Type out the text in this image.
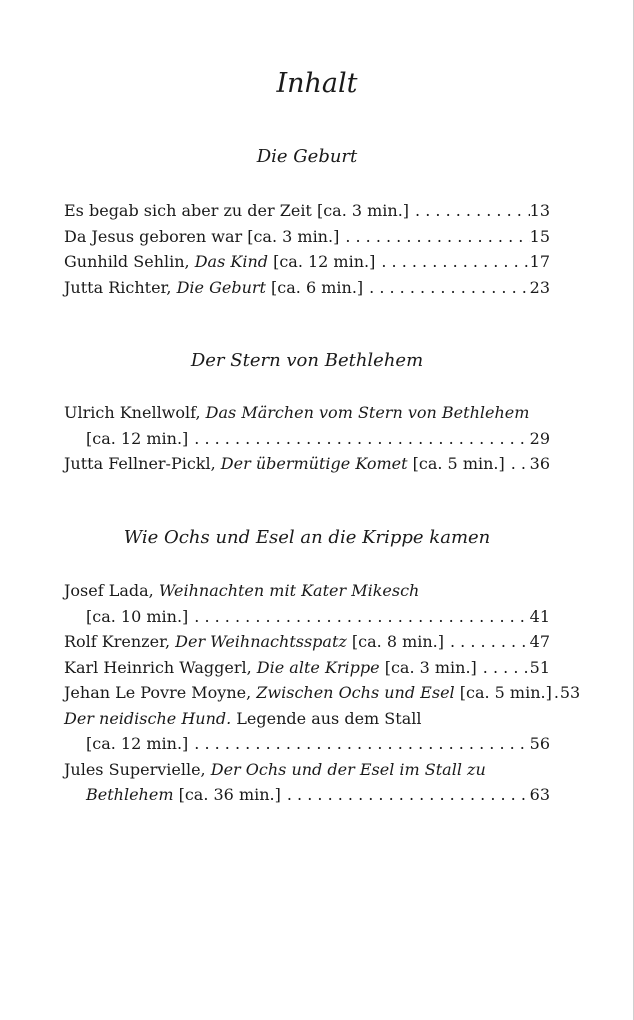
Inhalt
Die Geburt
Es begab sich aber zu der Zeit [ca. 3 min.] . . .	13
Da Jesus geboren war [ca. 3 min.] . . .	15
Gunhild Sehlin, Das Kind [ca. 12 min.] . . .	17
Jutta Richter, Die Geburt [ca. 6 min.] . . .	23
Der Stern von Bethlehem
Ulrich Knellwolf, Das Märchen vom Stern von Bethlehem
[ca. 12 min.] . . .	29
Jutta Fellner-Pickl, Der übermütige Komet [ca. 5 min.] . . . 36
Wie Ochs und Esel an die Krippe kamen
Josef Lada, Weihnachten mit Kater Mikesch
[ca. 10 min.] . . .	41
Rolf Krenzer, Der Weihnachtsspatz [ca. 8 min.] . . .	47
Karl Heinrich Waggerl, Die alte Krippe [ca. 3 min.] . . .	51
Jehan Le Povre Moyne, Zwischen Ochs und Esel [ca. 5 min.] . . . 53
Der neidische Hund. Legende aus dem Stall
[ca. 12 min.] . . .	56
Jules Supervielle, Der Ochs und der Esel im Stall zu
Bethlehem [ca. 36 min.] . . .	63
